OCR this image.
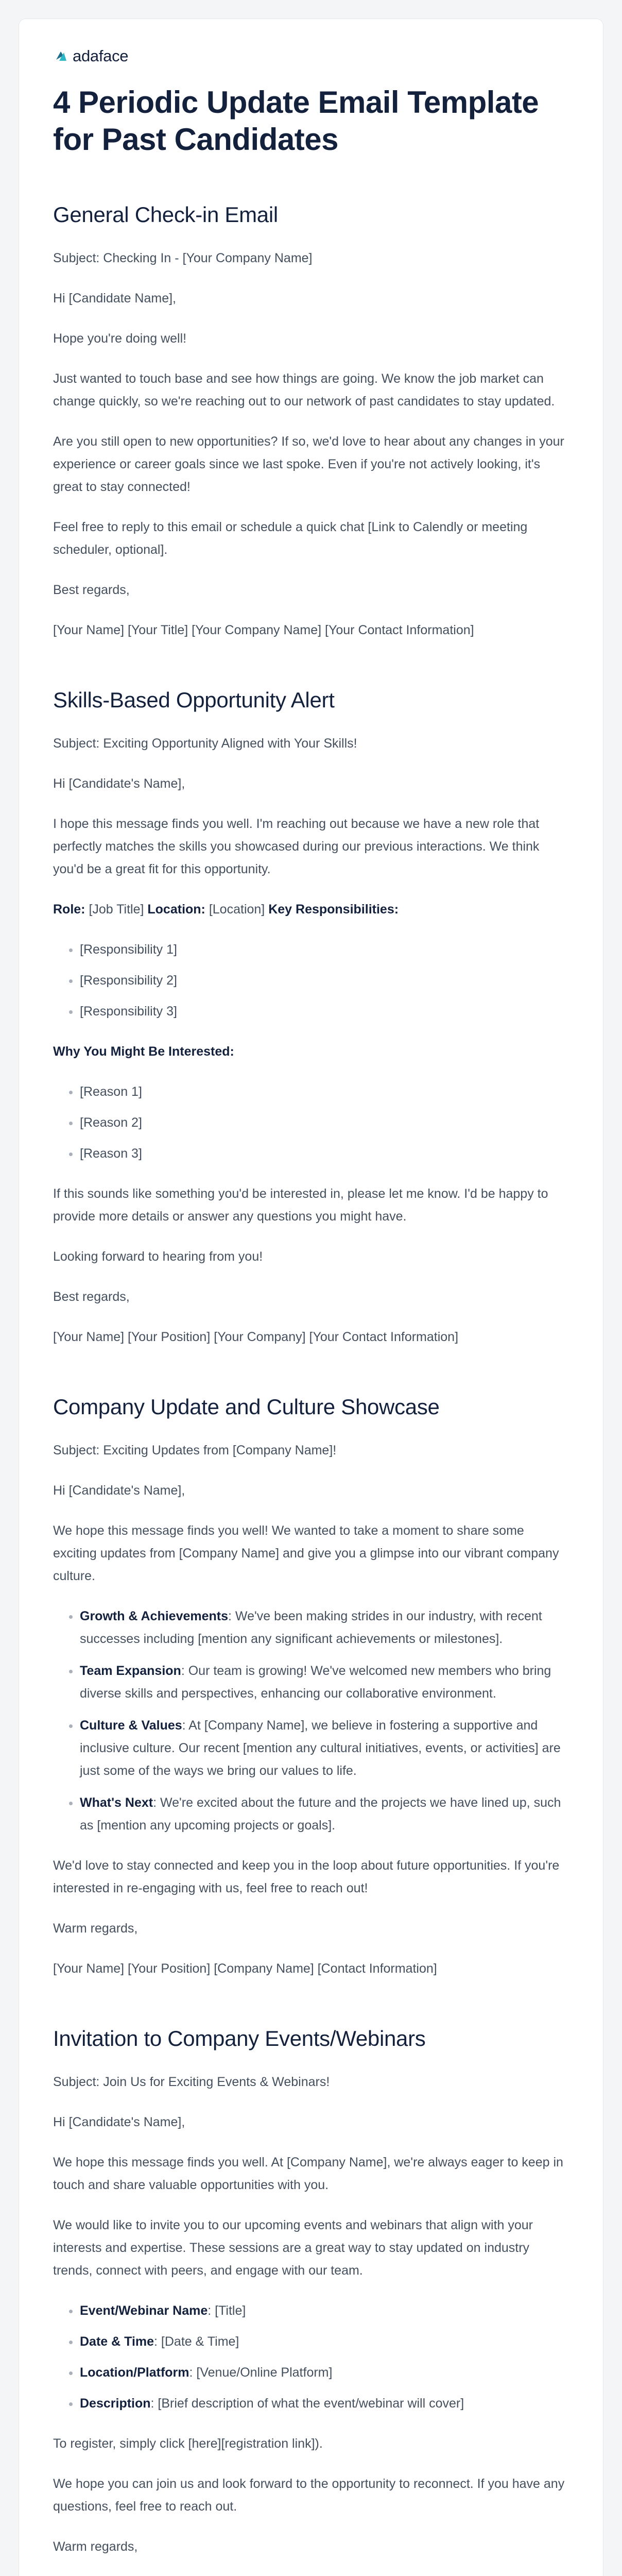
adaface
4 Periodic Update Email Template for Past Candidates
General Check-in Email

Subject: Checking In - [Your Company Name]

Hi [Candidate Name],

Hope you're doing well!

Just wanted to touch base and see how things are going. We know the job market can change quickly, so we're reaching out to our network of past candidates to stay updated.

Are you still open to new opportunities? If so, we'd love to hear about any changes in your experience or career goals since we last spoke. Even if you're not actively looking, it's great to stay connected!

Feel free to reply to this email or schedule a quick chat [Link to Calendly or meeting scheduler, optional].

Best regards,

[Your Name] [Your Title] [Your Company Name] [Your Contact Information]

Skills-Based Opportunity Alert

Subject: Exciting Opportunity Aligned with Your Skills!

Hi [Candidate's Name],

I hope this message finds you well. I'm reaching out because we have a new role that perfectly matches the skills you showcased during our previous interactions. We think you'd be a great fit for this opportunity.

Role: [Job Title] Location: [Location] Key Responsibilities:

• [Responsibility 1]
• [Responsibility 2]
• [Responsibility 3]

Why You Might Be Interested:

• [Reason 1]
• [Reason 2]
• [Reason 3]

If this sounds like something you'd be interested in, please let me know. I'd be happy to provide more details or answer any questions you might have.

Looking forward to hearing from you!

Best regards,

[Your Name] [Your Position] [Your Company] [Your Contact Information]

Company Update and Culture Showcase

Subject: Exciting Updates from [Company Name]!

Hi [Candidate's Name],

We hope this message finds you well! We wanted to take a moment to share some exciting updates from [Company Name] and give you a glimpse into our vibrant company culture.

• Growth & Achievements: We've been making strides in our industry, with recent successes including [mention any significant achievements or milestones].
• Team Expansion: Our team is growing! We've welcomed new members who bring diverse skills and perspectives, enhancing our collaborative environment.
• Culture & Values: At [Company Name], we believe in fostering a supportive and inclusive culture. Our recent [mention any cultural initiatives, events, or activities] are just some of the ways we bring our values to life.
• What's Next: We're excited about the future and the projects we have lined up, such as [mention any upcoming projects or goals].

We'd love to stay connected and keep you in the loop about future opportunities. If you're interested in re-engaging with us, feel free to reach out!

Warm regards,

[Your Name] [Your Position] [Company Name] [Contact Information]

Invitation to Company Events/Webinars

Subject: Join Us for Exciting Events & Webinars!

Hi [Candidate's Name],

We hope this message finds you well. At [Company Name], we're always eager to keep in touch and share valuable opportunities with you.

We would like to invite you to our upcoming events and webinars that align with your interests and expertise. These sessions are a great way to stay updated on industry trends, connect with peers, and engage with our team.

• Event/Webinar Name: [Title]
• Date & Time: [Date & Time]
• Location/Platform: [Venue/Online Platform]
• Description: [Brief description of what the event/webinar will cover]

To register, simply click [here][registration link]).

We hope you can join us and look forward to the opportunity to reconnect. If you have any questions, feel free to reach out.

Warm regards,
